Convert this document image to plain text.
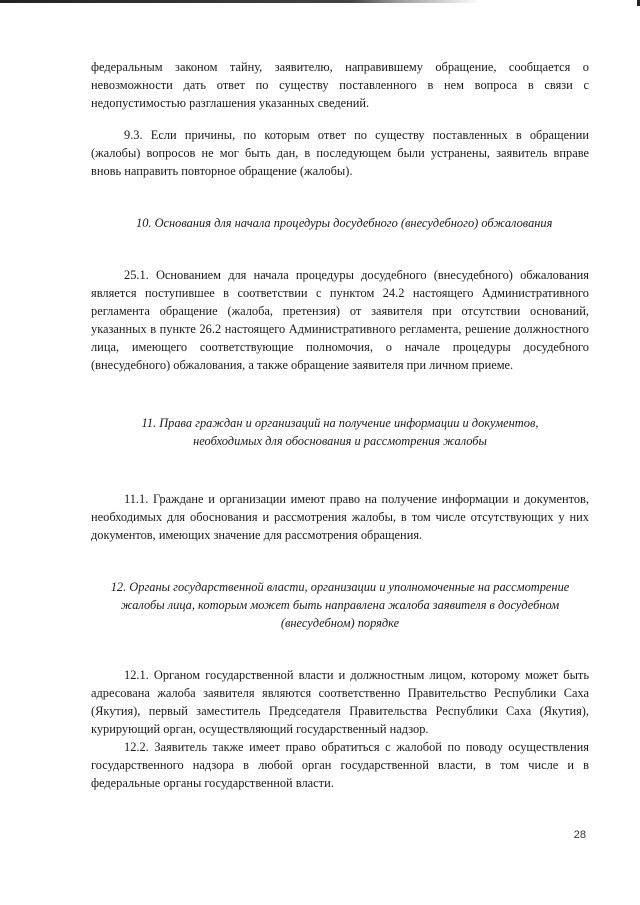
федеральным законом тайну, заявителю, направившему обращение, сообщается о невозможности дать ответ по существу поставленного в нем вопроса в связи с недопустимостью разглашения указанных сведений.

9.3. Если причины, по которым ответ по существу поставленных в обращении (жалобы) вопросов не мог быть дан, в последующем были устранены, заявитель вправе вновь направить повторное обращение (жалобы).

10. Основания для начала процедуры досудебного (внесудебного) обжалования

25.1. Основанием для начала процедуры досудебного (внесудебного) обжалования является поступившее в соответствии с пунктом 24.2 настоящего Административного регламента обращение (жалоба, претензия) от заявителя при отсутствии оснований, указанных в пункте 26.2 настоящего Административного регламента, решение должностного лица, имеющего соответствующие полномочия, о начале процедуры досудебного (внесудебного) обжалования, а также обращение заявителя при личном приеме.

11. Права граждан и организаций на получение информации и документов, необходимых для обоснования и рассмотрения жалобы

11.1. Граждане и организации имеют право на получение информации и документов, необходимых для обоснования и рассмотрения жалобы, в том числе отсутствующих у них документов, имеющих значение для рассмотрения обращения.

12. Органы государственной власти, организации и уполномоченные на рассмотрение жалобы лица, которым может быть направлена жалоба заявителя в досудебном (внесудебном) порядке

12.1. Органом государственной власти и должностным лицом, которому может быть адресована жалоба заявителя являются соответственно Правительство Республики Саха (Якутия), первый заместитель Председателя Правительства Республики Саха (Якутия), курирующий орган, осуществляющий государственный надзор.

12.2. Заявитель также имеет право обратиться с жалобой по поводу осуществления государственного надзора в любой орган государственной власти, в том числе и в федеральные органы государственной власти.

28
